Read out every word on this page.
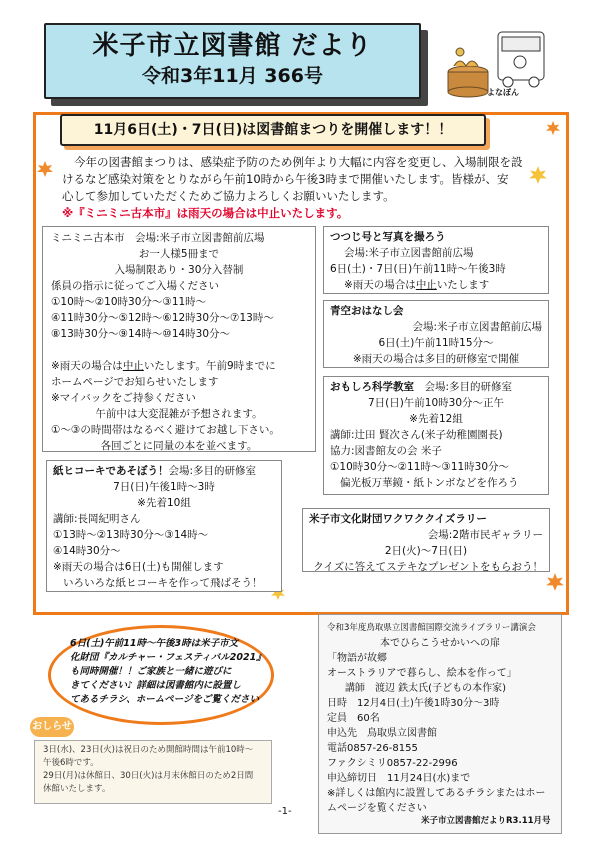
米子市立図書館 だより
令和3年11月 366号
よなぽん
11月6日(土)・7日(日)は図書館まつりを開催します！！
今年の図書館まつりは、感染症予防のため例年より大幅に内容を変更し、入場制限を設
けるなど感染対策をとりながら午前10時から午後3時まで開催いたします。皆様が、安
心して参加していただくためご協力よろしくお願いいたします。
※『ミニミニ古本市』は雨天の場合は中止いたします。
ミニミニ古本市　 会場:米子市立図書館前広場
お一人様5冊まで
入場制限あり・30分入替制
係員の指示に従ってご入場ください
①10時～②10時30分～③11時～
④11時30分～⑤12時～⑥12時30分～⑦13時～
⑧13時30分～⑨14時～⑩14時30分～

※雨天の場合は中止いたします。午前9時までに
ホームページでお知らせいたします
※マイバックをご持参ください
午前中は大変混雑が予想されます。
①～③の時間帯はなるべく避けてお越し下さい。
各回ごとに同量の本を並べます。
つつじ号と写真を撮ろう
会場:米子市立図書館前広場
6日(土)・7日(日)午前11時～午後3時
※雨天の場合は中止いたします
青空おはなし会
会場:米子市立図書館前広場
6日(土)午前11時15分～
※雨天の場合は多目的研修室で開催
おもしろ科学教室　 会場:多目的研修室
7日(日)午前10時30分～正午
※先着12組
講師:辻田 賢次さん(米子幼稚園園長)
協力:図書館友の会 米子
①10時30分～②11時～③11時30分～
偏光板万華鏡・紙トンボなどを作ろう
紙ヒコーキであそぼう！会場:多目的研修室
7日(日)午後1時～3時
※先着10組
講師:長岡紀明さん
①13時～②13時30分～③14時～
④14時30分～
※雨天の場合は6日(土)も開催します
いろいろな紙ヒコーキを作って飛ばそう！
米子市文化財団ワクワククイズラリー
会場:2階市民ギャラリー
2日(火)～7日(日)
クイズに答えてステキなプレゼントをもらおう！
6日(土)午前11時～午後3時は米子市文
化財団『カルチャー・フェスティバル2021』
も同時開催！！ご家族と一緒に遊びに
きてください♪ 詳細は図書館内に設置し
てあるチラシ、ホームページをご覧ください
おしらせ
3日(水)、23日(火)は祝日のため開館時間は午前10時～
午後6時です。
29日(月)は休館日、30日(火)は月末休館日のため2日間
休館いたします。
令和3年度鳥取県立図書館国際交流ライブラリー講演会
本でひらこうせかいへの扉
「物語が故郷
オーストラリアで暮らし、絵本を作って」
講師　渡辺 鉄太氏(子どもの本作家)
日時　12月4日(土)午後1時30分～3時
定員　60名
申込先　鳥取県立図書館
電話0857-26-8155
ファクシミリ0857-22-2996
申込締切日　11月24日(水)まで
※詳しくは館内に設置してあるチラシまたはホー
ムページを覧ください
-1-
米子市立図書館だよりR3.11月号
